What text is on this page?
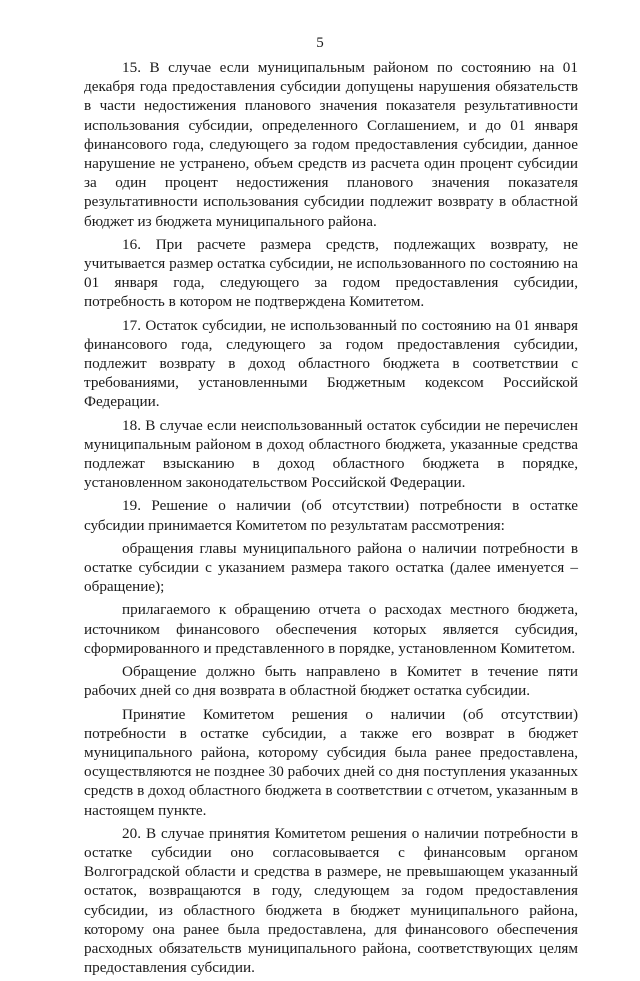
5

15. В случае если муниципальным районом по состоянию на 01 декабря года предоставления субсидии допущены нарушения обязательств в части недостижения планового значения показателя результативности использования субсидии, определенного Соглашением, и до 01 января финансового года, следующего за годом предоставления субсидии, данное нарушение не устранено, объем средств из расчета один процент субсидии за один процент недостижения планового значения показателя результативности использования субсидии подлежит возврату в областной бюджет из бюджета муниципального района.

16. При расчете размера средств, подлежащих возврату, не учитывается размер остатка субсидии, не использованного по состоянию на 01 января года, следующего за годом предоставления субсидии, потребность в котором не подтверждена Комитетом.

17. Остаток субсидии, не использованный по состоянию на 01 января финансового года, следующего за годом предоставления субсидии, подлежит возврату в доход областного бюджета в соответствии с требованиями, установленными Бюджетным кодексом Российской Федерации.

18. В случае если неиспользованный остаток субсидии не перечислен муниципальным районом в доход областного бюджета, указанные средства подлежат взысканию в доход областного бюджета в порядке, установленном законодательством Российской Федерации.

19. Решение о наличии (об отсутствии) потребности в остатке субсидии принимается Комитетом по результатам рассмотрения:

обращения главы муниципального района о наличии потребности в остатке субсидии с указанием размера такого остатка (далее именуется – обращение);

прилагаемого к обращению отчета о расходах местного бюджета, источником финансового обеспечения которых является субсидия, сформированного и представленного в порядке, установленном Комитетом.

Обращение должно быть направлено в Комитет в течение пяти рабочих дней со дня возврата в областной бюджет остатка субсидии.

Принятие Комитетом решения о наличии (об отсутствии) потребности в остатке субсидии, а также его возврат в бюджет муниципального района, которому субсидия была ранее предоставлена, осуществляются не позднее 30 рабочих дней со дня поступления указанных средств в доход областного бюджета в соответствии с отчетом, указанным в настоящем пункте.

20. В случае принятия Комитетом решения о наличии потребности в остатке субсидии оно согласовывается с финансовым органом Волгоградской области и средства в размере, не превышающем указанный остаток, возвращаются в году, следующем за годом предоставления субсидии, из областного бюджета в бюджет муниципального района, которому она ранее была предоставлена, для финансового обеспечения расходных обязательств муниципального района, соответствующих целям предоставления субсидии.
